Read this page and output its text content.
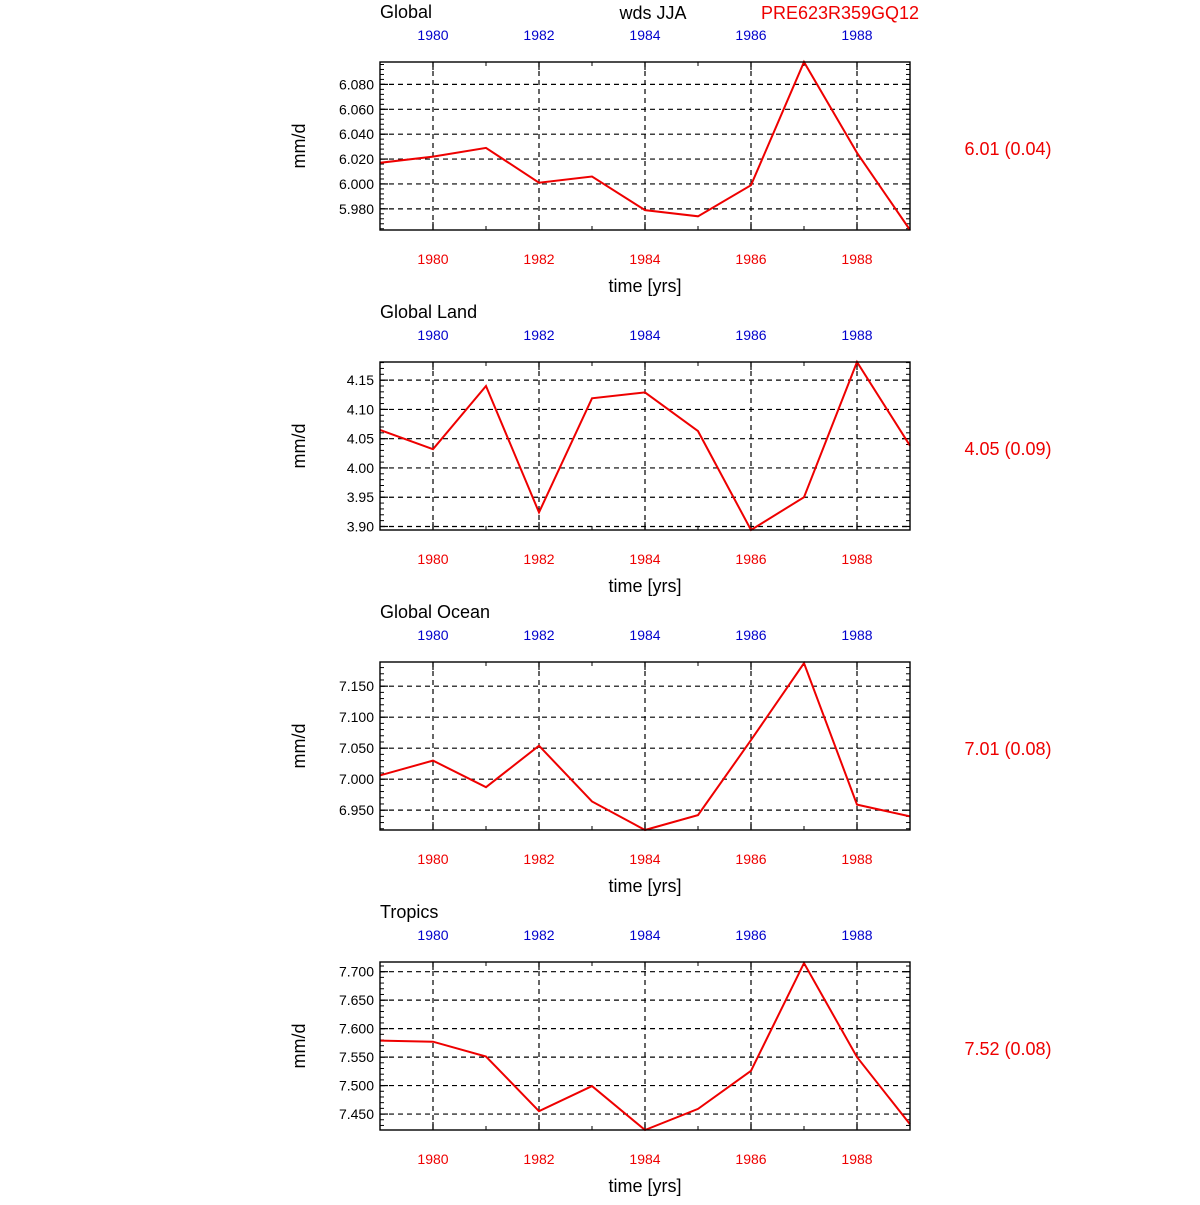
wds JJA	PRE623R359GQ12
5.980
6.000
6.020
6.040
6.060
6.080
1980
1980
1982
1982
1984
1984
1986
1986
1988
1988
Global
time [yrs]
mm/d	6.01 (0.04)
3.90
3.95
4.00
4.05
4.10
4.15
1980
1980
1982
1982
1984
1984
1986
1986
1988
1988
Global Land
time [yrs]
mm/d	4.05 (0.09)
6.950
7.000
7.050
7.100
7.150
1980
1980
1982
1982
1984
1984
1986
1986
1988
1988
Global Ocean
time [yrs]
mm/d	7.01 (0.08)
7.450
7.500
7.550
7.600
7.650
7.700
1980
1980
1982
1982
1984
1984
1986
1986
1988
1988
Tropics
time [yrs]
mm/d	7.52 (0.08)
